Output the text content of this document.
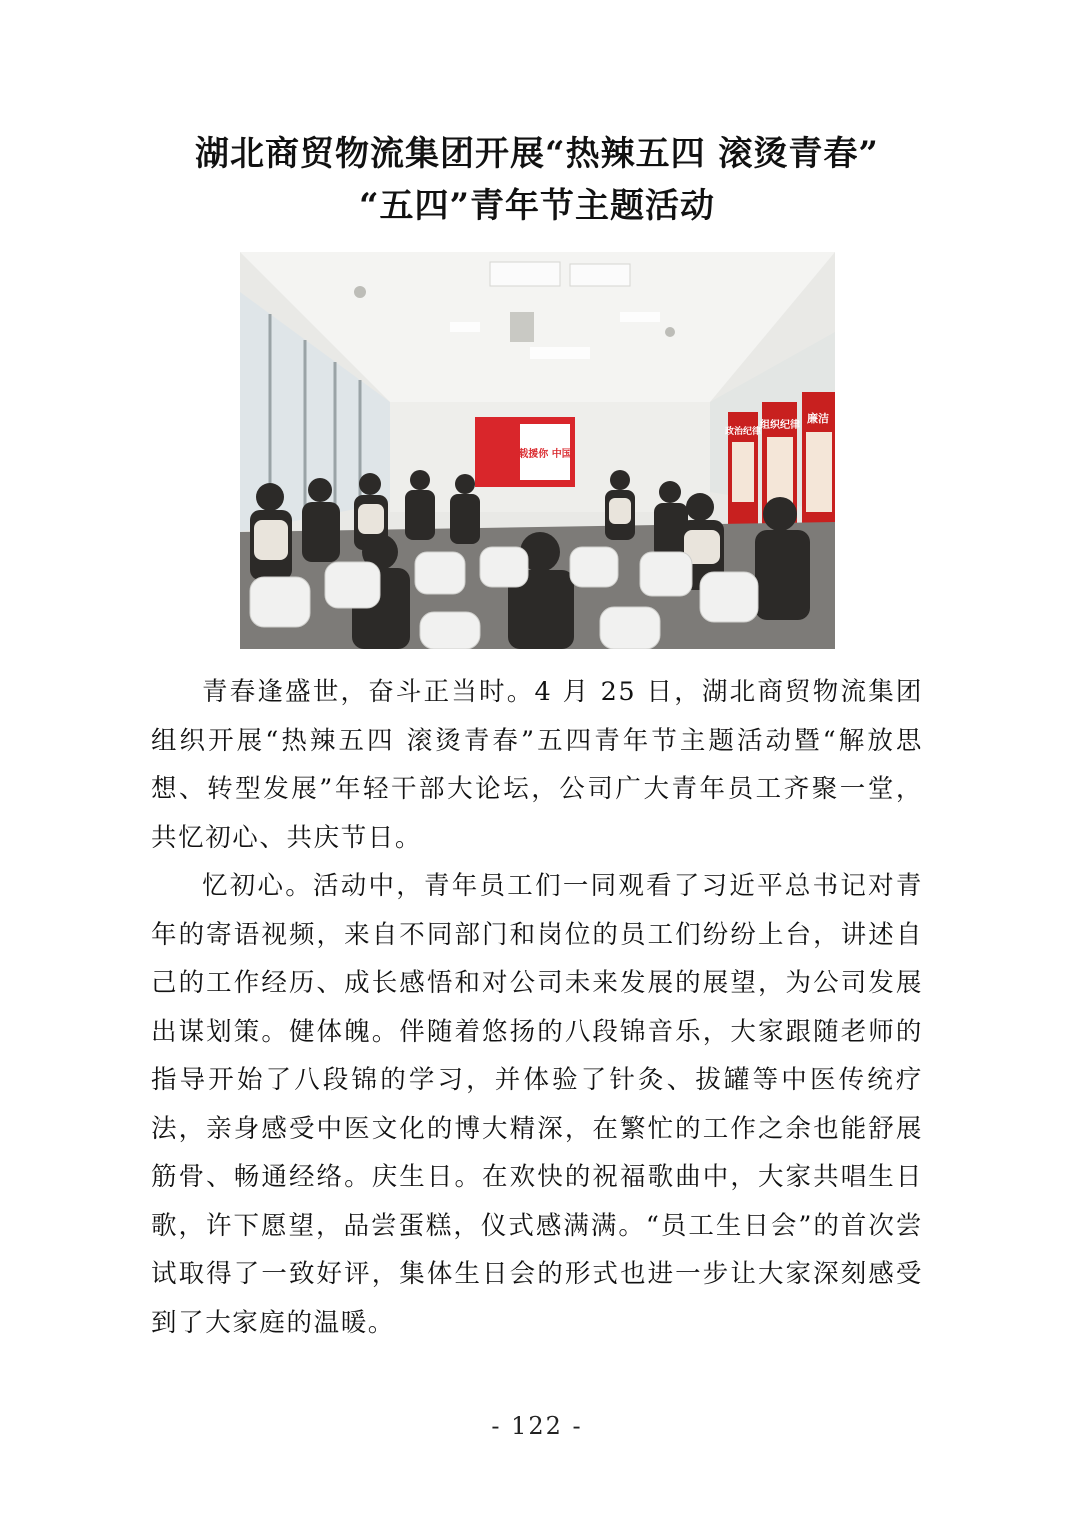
湖北商贸物流集团开展“热辣五四 滚烫青春”
“五四”青年节主题活动
载援你 中国
政治纪律
组织纪律
廉洁

青春逢盛世，奋斗正当时。4 月 25 日，湖北商贸物流集团组织开展“热辣五四 滚烫青春”五四青年节主题活动暨“解放思想、转型发展”年轻干部大论坛，公司广大青年员工齐聚一堂，共忆初心、共庆节日。

忆初心。活动中，青年员工们一同观看了习近平总书记对青年的寄语视频，来自不同部门和岗位的员工们纷纷上台，讲述自己的工作经历、成长感悟和对公司未来发展的展望，为公司发展出谋划策。健体魄。伴随着悠扬的八段锦音乐，大家跟随老师的指导开始了八段锦的学习，并体验了针灸、拔罐等中医传统疗法，亲身感受中医文化的博大精深，在繁忙的工作之余也能舒展筋骨、畅通经络。庆生日。在欢快的祝福歌曲中，大家共唱生日歌，许下愿望，品尝蛋糕，仪式感满满。“员工生日会”的首次尝试取得了一致好评，集体生日会的形式也进一步让大家深刻感受到了大家庭的温暖。

- 122 -
